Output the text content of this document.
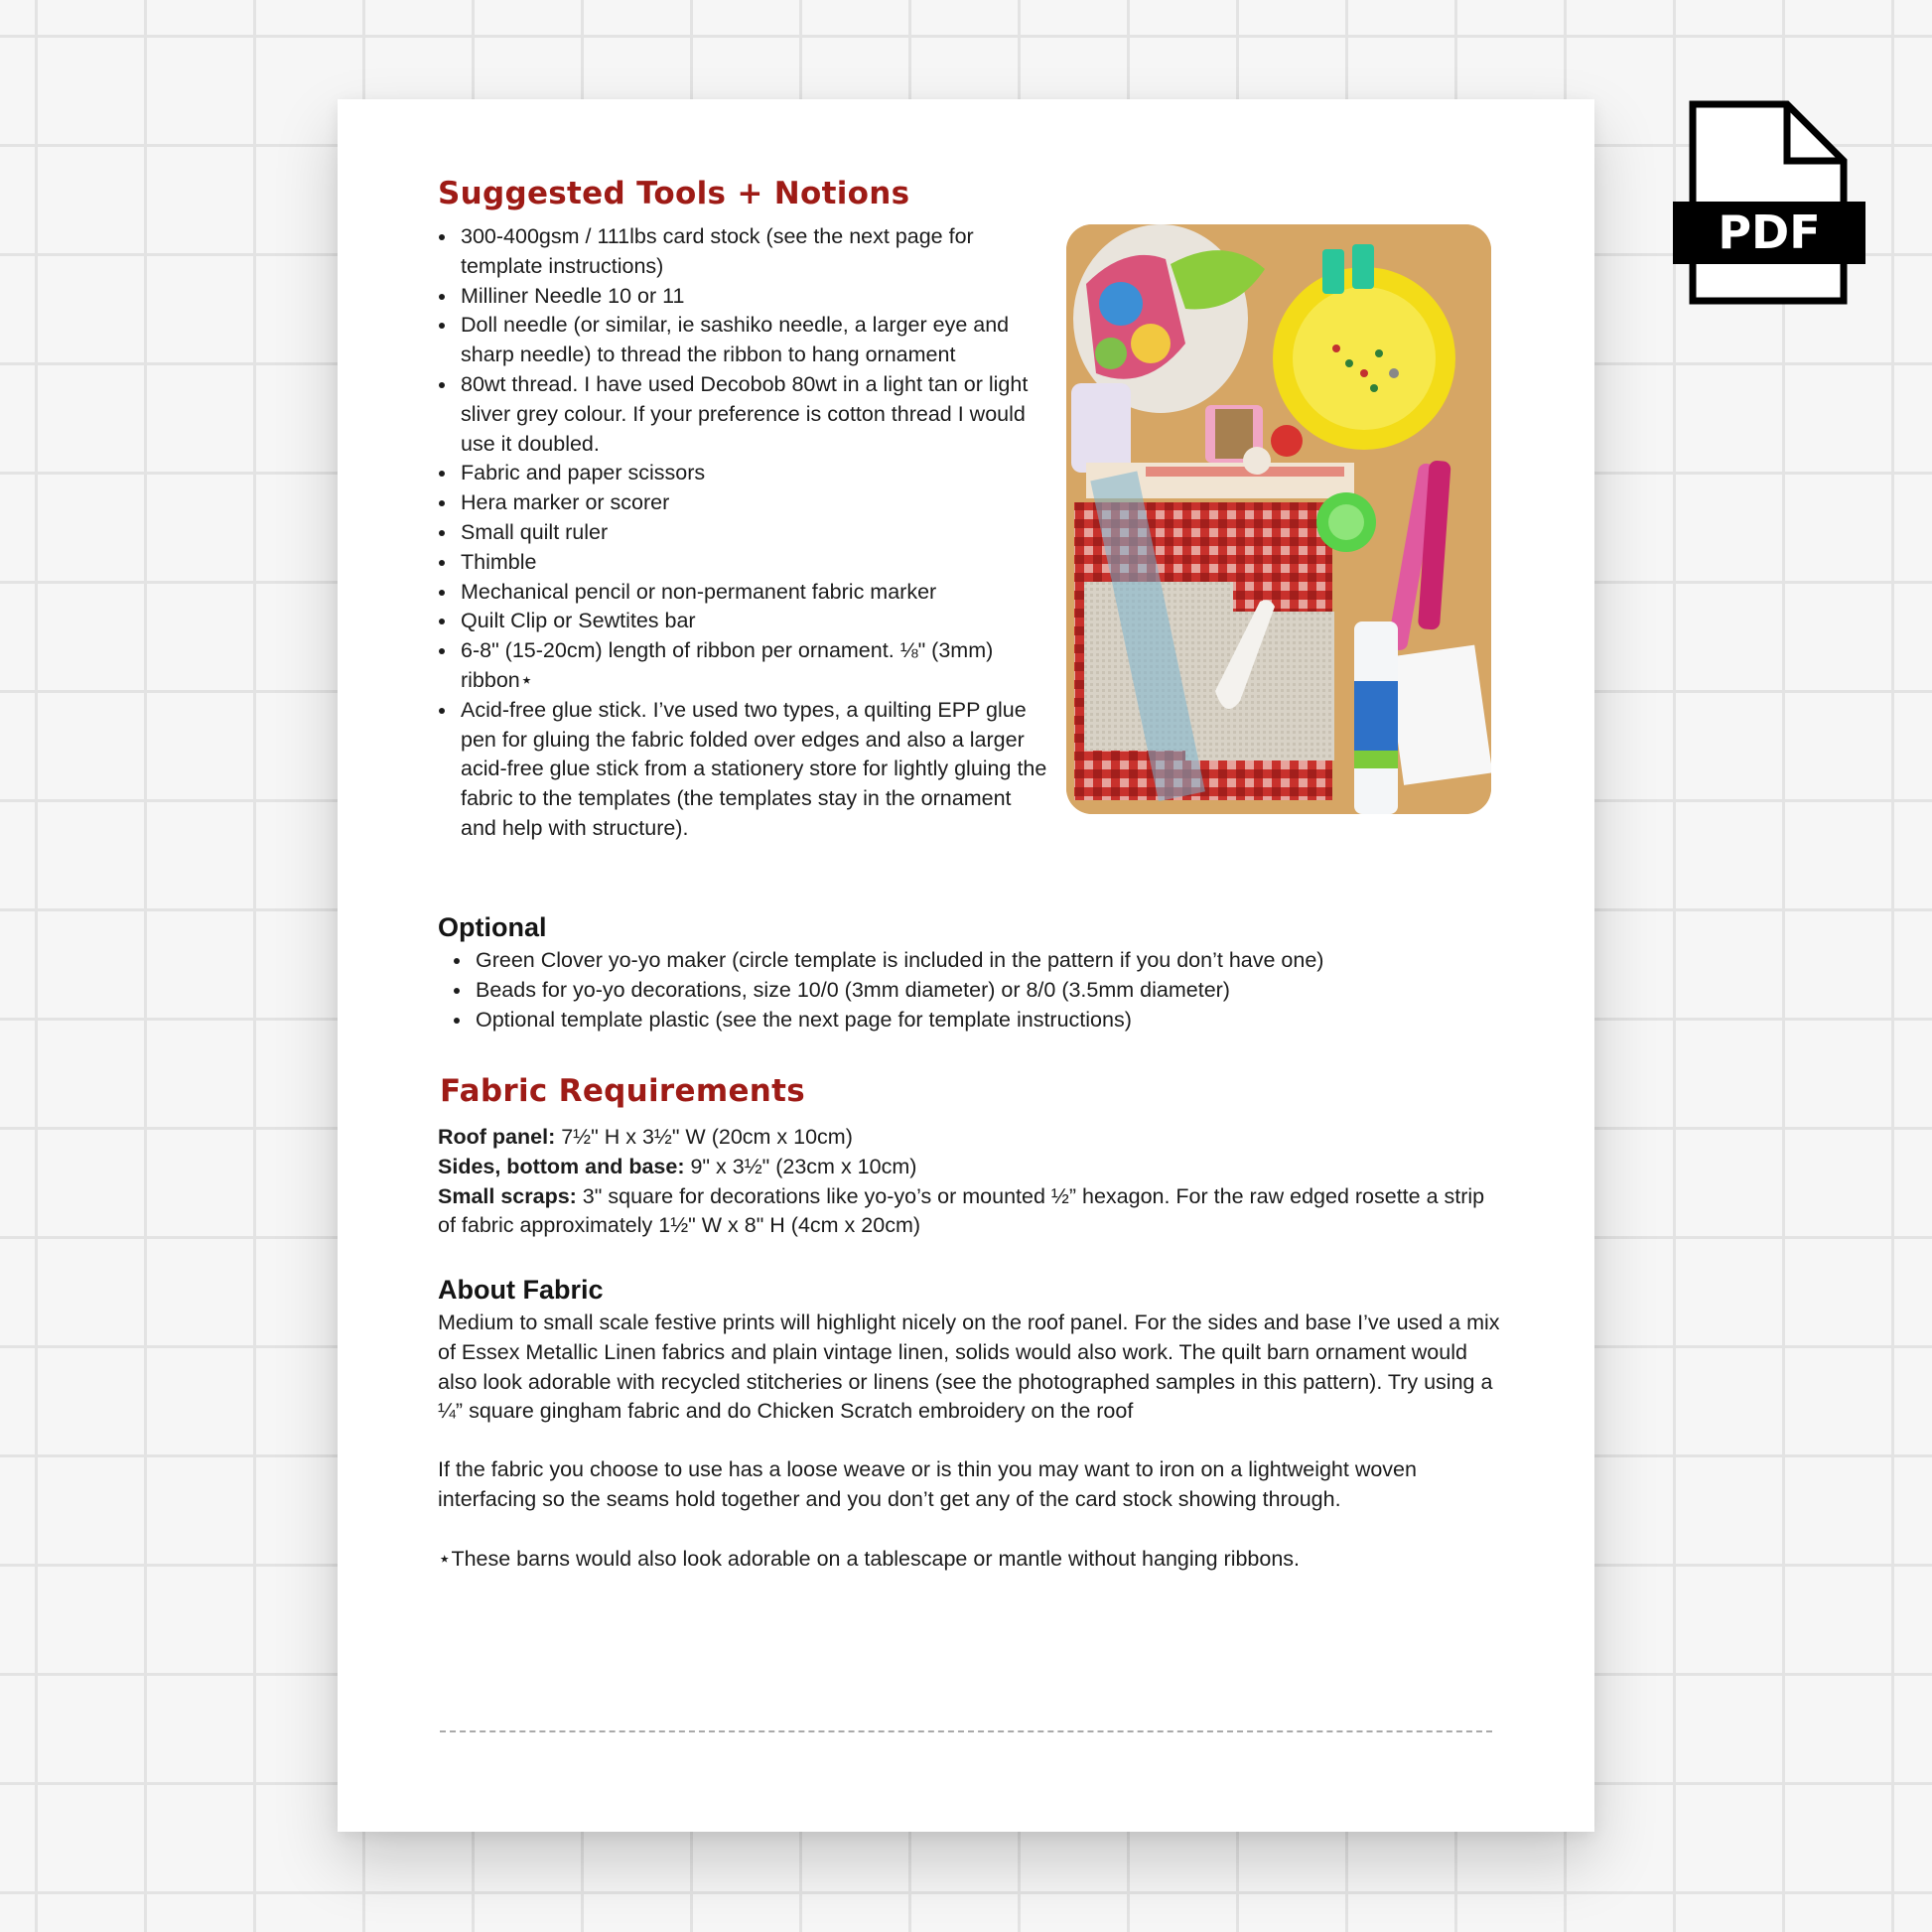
Suggested Tools + Notions
300-400gsm / 111lbs card stock (see the next page for template instructions)
Milliner Needle 10 or 11
Doll needle (or similar, ie sashiko needle, a larger eye and sharp needle) to thread the ribbon to hang ornament
80wt thread. I have used Decobob 80wt in a light tan or light sliver grey colour. If your preference is cotton thread I would use it doubled.
Fabric and paper scissors
Hera marker or scorer
Small quilt ruler
Thimble
Mechanical pencil or non-permanent fabric marker
Quilt Clip or Sewtites bar
6-8" (15-20cm) length of ribbon per ornament. ⅛" (3mm) ribbon⋆
Acid-free glue stick. I’ve used two types, a quilting EPP glue pen for gluing the fabric folded over edges and also a larger acid-free glue stick from a stationery store for lightly gluing the fabric to the templates (the templates stay in the ornament and help with structure).
Optional
Green Clover yo-yo maker (circle template is included in the pattern if you don’t have one)
Beads for yo-yo decorations, size 10/0 (3mm diameter) or 8/0 (3.5mm diameter)
Optional template plastic (see the next page for template instructions)
Fabric Requirements
Roof panel: 7½" H x 3½" W (20cm x 10cm)
Sides, bottom and base: 9" x 3½" (23cm x 10cm)
Small scraps: 3" square for decorations like yo-yo’s or mounted ½” hexagon. For the raw edged rosette a strip of fabric approximately 1½" W x 8" H (4cm x 20cm)
About Fabric

Medium to small scale festive prints will highlight nicely on the roof panel. For the sides and base I’ve used a mix of Essex Metallic Linen fabrics and plain vintage linen, solids would also work. The quilt barn ornament would also look adorable with recycled stitcheries or linens (see the photographed samples in this pattern). Try using a ¼” square gingham fabric and do Chicken Scratch embroidery on the roof

If the fabric you choose to use has a loose weave or is thin you may want to iron on a lightweight woven interfacing so the seams hold together and you don’t get any of the card stock showing through.

⋆These barns would also look adorable on a tablescape or mantle without hanging ribbons.

PDF
